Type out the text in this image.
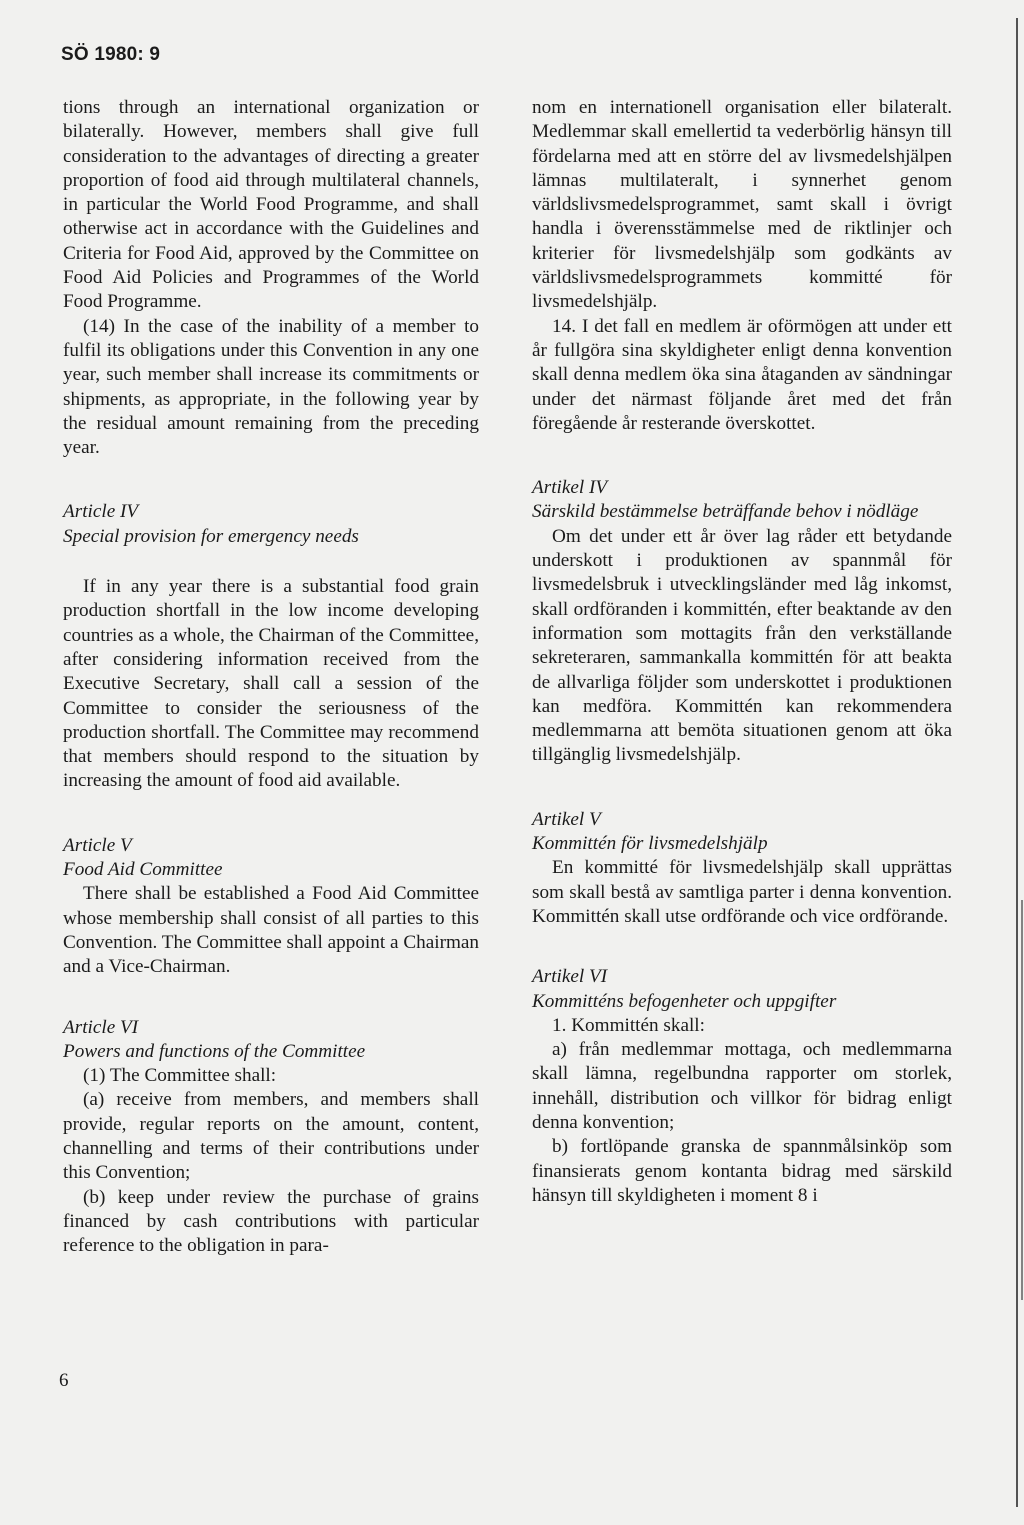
SÖ 1980: 9

tions through an international organization or bilaterally. However, members shall give full consideration to the advantages of directing a greater proportion of food aid through multilateral channels, in particular the World Food Programme, and shall otherwise act in accordance with the Guidelines and Criteria for Food Aid, approved by the Committee on Food Aid Policies and Programmes of the World Food Programme.

(14) In the case of the inability of a member to fulfil its obligations under this Convention in any one year, such member shall increase its commitments or shipments, as appropriate, in the following year by the residual amount remaining from the preceding year.

Article IV

Special provision for emergency needs

If in any year there is a substantial food grain production shortfall in the low income developing countries as a whole, the Chairman of the Committee, after considering information received from the Executive Secretary, shall call a session of the Committee to consider the seriousness of the production shortfall. The Committee may recommend that members should respond to the situation by increasing the amount of food aid available.

Article V

Food Aid Committee

There shall be established a Food Aid Committee whose membership shall consist of all parties to this Convention. The Committee shall appoint a Chairman and a Vice-Chairman.

Article VI

Powers and functions of the Committee

(1) The Committee shall:

(a) receive from members, and members shall provide, regular reports on the amount, content, channelling and terms of their contributions under this Convention;

(b) keep under review the purchase of grains financed by cash contributions with particular reference to the obligation in para-

nom en internationell organisation eller bilateralt. Medlemmar skall emellertid ta vederbörlig hänsyn till fördelarna med att en större del av livsmedelshjälpen lämnas multilateralt, i synnerhet genom världslivsmedelsprogrammet, samt skall i övrigt handla i överensstämmelse med de riktlinjer och kriterier för livsmedelshjälp som godkänts av världslivsmedelsprogrammets kommitté för livsmedelshjälp.

14. I det fall en medlem är oförmögen att under ett år fullgöra sina skyldigheter enligt denna konvention skall denna medlem öka sina åtaganden av sändningar under det närmast följande året med det från föregående år resterande överskottet.

Artikel IV

Särskild bestämmelse beträffande behov i nödläge

Om det under ett år över lag råder ett betydande underskott i produktionen av spannmål för livsmedelsbruk i utvecklingsländer med låg inkomst, skall ordföranden i kommittén, efter beaktande av den information som mottagits från den verkställande sekreteraren, sammankalla kommittén för att beakta de allvarliga följder som underskottet i produktionen kan medföra. Kommittén kan rekommendera medlemmarna att bemöta situationen genom att öka tillgänglig livsmedelshjälp.

Artikel V

Kommittén för livsmedelshjälp

En kommitté för livsmedelshjälp skall upprättas som skall bestå av samtliga parter i denna konvention. Kommittén skall utse ordförande och vice ordförande.

Artikel VI

Kommitténs befogenheter och uppgifter

1. Kommittén skall:

a) från medlemmar mottaga, och medlemmarna skall lämna, regelbundna rapporter om storlek, innehåll, distribution och villkor för bidrag enligt denna konvention;

b) fortlöpande granska de spannmålsinköp som finansierats genom kontanta bidrag med särskild hänsyn till skyldigheten i moment 8 i

6
